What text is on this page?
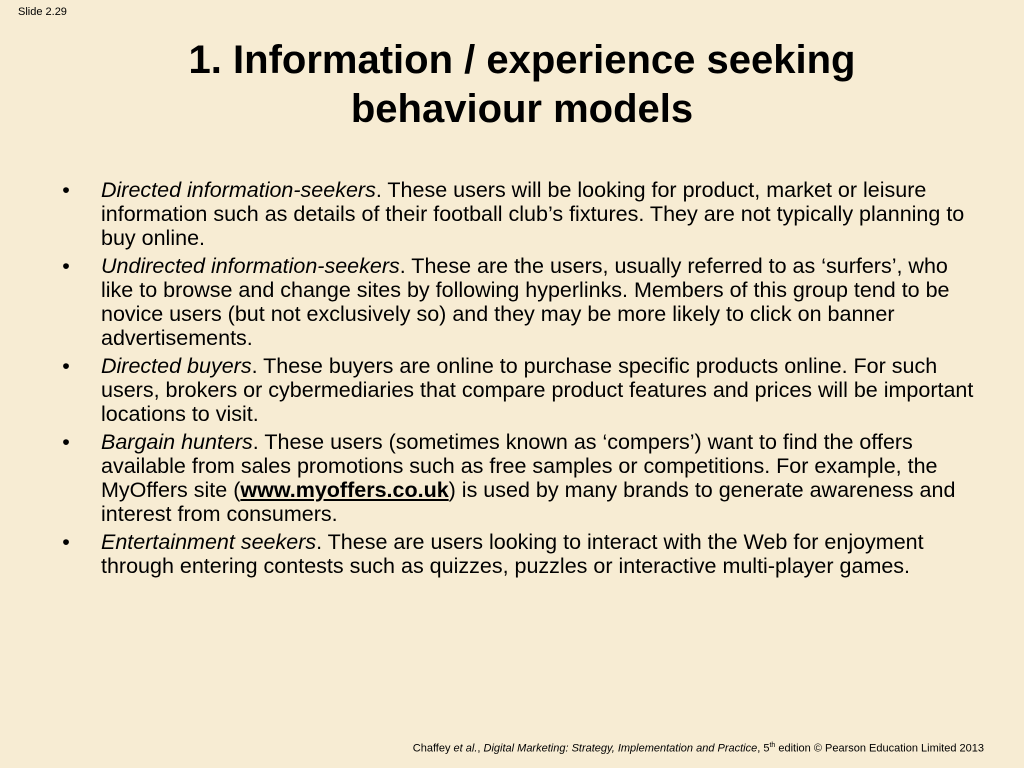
Slide 2.29
1. Information / experience seeking
behaviour models
• Directed information-seekers. These users will be looking for product, market or leisure information such as details of their football club’s fixtures. They are not typically planning to buy online.
• Undirected information-seekers. These are the users, usually referred to as ‘surfers’, who like to browse and change sites by following hyperlinks. Members of this group tend to be novice users (but not exclusively so) and they may be more likely to click on banner advertisements.
• Directed buyers. These buyers are online to purchase specific products online. For such users, brokers or cybermediaries that compare product features and prices will be important locations to visit.
• Bargain hunters. These users (sometimes known as ‘compers’) want to find the offers available from sales promotions such as free samples or competitions. For example, the MyOffers site (www.myoffers.co.uk) is used by many brands to generate awareness and interest from consumers.
• Entertainment seekers. These are users looking to interact with the Web for enjoyment through entering contests such as quizzes, puzzles or interactive multi-player games.
Chaffey et al., Digital Marketing: Strategy, Implementation and Practice, 5th edition © Pearson Education Limited 2013
